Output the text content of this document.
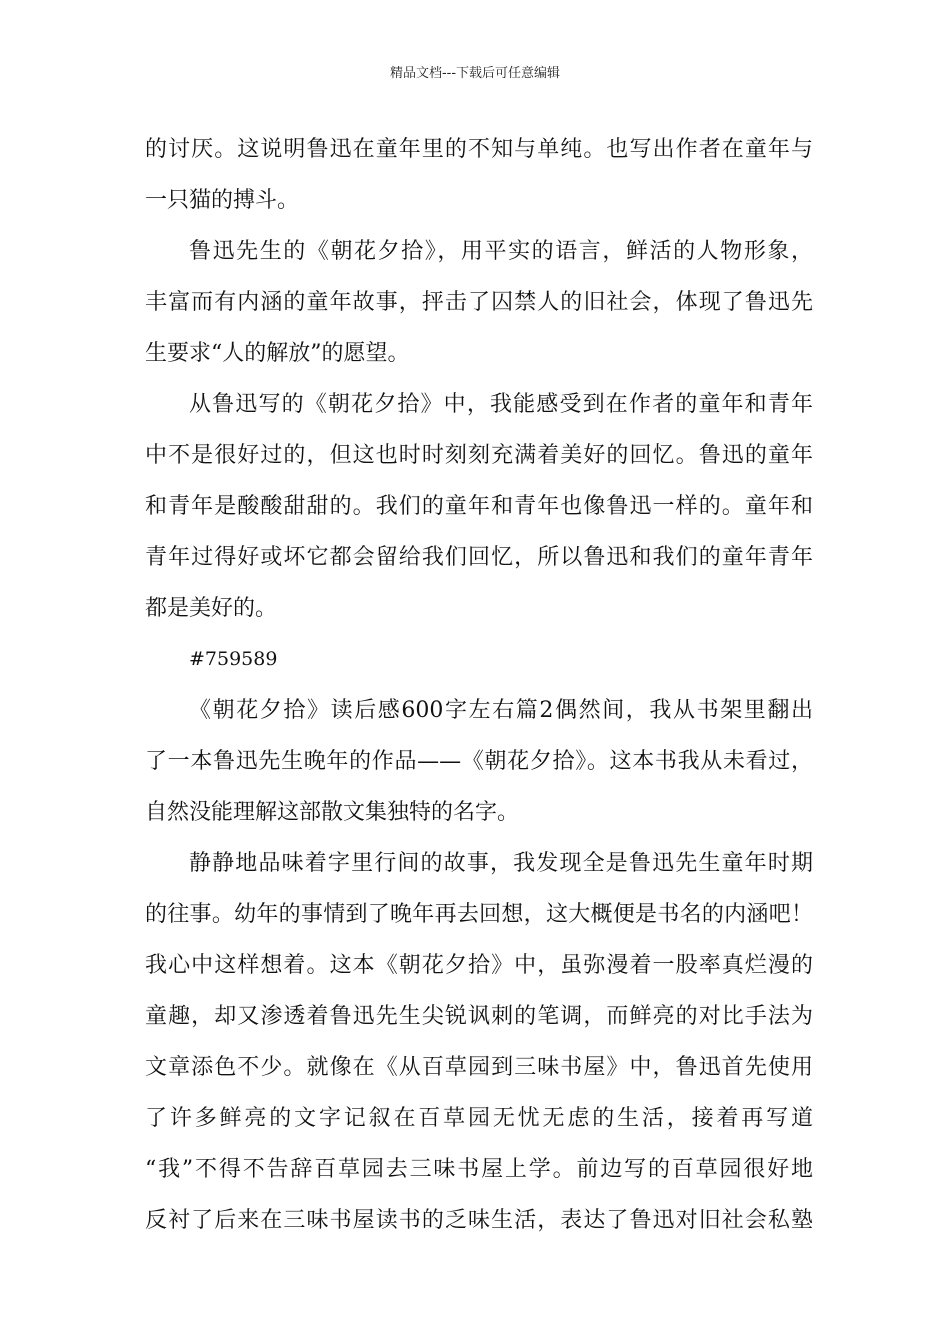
精品文档---下载后可任意编辑
的讨厌。这说明鲁迅在童年里的不知与单纯。也写出作者在童年与
一只猫的搏斗。
鲁迅先生的《朝花夕拾》，用平实的语言，鲜活的人物形象，
丰富而有内涵的童年故事，抨击了囚禁人的旧社会，体现了鲁迅先
生要求“人的解放”的愿望。
从鲁迅写的《朝花夕拾》中，我能感受到在作者的童年和青年
中不是很好过的，但这也时时刻刻充满着美好的回忆。鲁迅的童年
和青年是酸酸甜甜的。我们的童年和青年也像鲁迅一样的。童年和
青年过得好或坏它都会留给我们回忆，所以鲁迅和我们的童年青年
都是美好的。
#759589
《朝花夕拾》读后感600字左右篇2偶然间，我从书架里翻出
了一本鲁迅先生晚年的作品——《朝花夕拾》。这本书我从未看过，
自然没能理解这部散文集独特的名字。
静静地品味着字里行间的故事，我发现全是鲁迅先生童年时期
的往事。幼年的事情到了晚年再去回想，这大概便是书名的内涵吧！
我心中这样想着。这本《朝花夕拾》中，虽弥漫着一股率真烂漫的
童趣，却又渗透着鲁迅先生尖锐讽刺的笔调，而鲜亮的对比手法为
文章添色不少。就像在《从百草园到三味书屋》中，鲁迅首先使用
了许多鲜亮的文字记叙在百草园无忧无虑的生活，接着再写道
“我”不得不告辞百草园去三味书屋上学。前边写的百草园很好地
反衬了后来在三味书屋读书的乏味生活，表达了鲁迅对旧社会私塾
